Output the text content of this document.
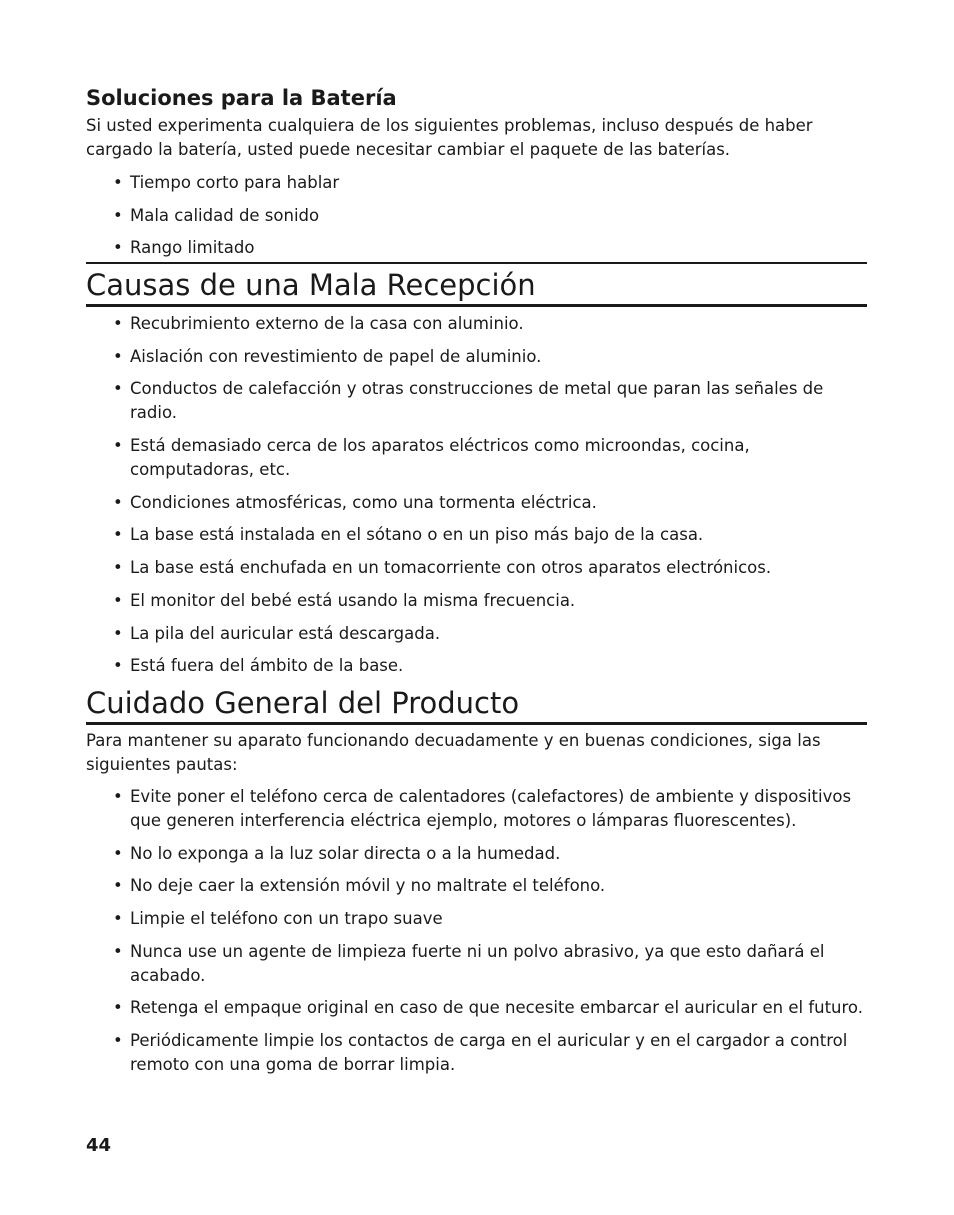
Soluciones para la Batería

Si usted experimenta cualquiera de los siguientes problemas, incluso después de haber cargado la batería, usted puede necesitar cambiar el paquete de las baterías.

• Tiempo corto para hablar
• Mala calidad de sonido
• Rango limitado
Causas de una Mala Recepción
• Recubrimiento externo de la casa con aluminio.
• Aislación con revestimiento de papel de aluminio.
• Conductos de calefacción y otras construcciones de metal que paran las señales de radio.
• Está demasiado cerca de los aparatos eléctricos como microondas, cocina, computadoras, etc.
• Condiciones atmosféricas, como una tormenta eléctrica.
• La base está instalada en el sótano o en un piso más bajo de la casa.
• La base está enchufada en un tomacorriente con otros aparatos electrónicos.
• El monitor del bebé está usando la misma frecuencia.
• La pila del auricular está descargada.
• Está fuera del ámbito de la base.
Cuidado General del Producto

Para mantener su aparato funcionando decuadamente y en buenas condiciones, siga las siguientes pautas:

• Evite poner el teléfono cerca de calentadores (calefactores) de ambiente y dispositivos que generen interferencia eléctrica ejemplo, motores o lámparas fluorescentes).
• No lo exponga a la luz solar directa o a la humedad.
• No deje caer la extensión móvil y no maltrate el teléfono.
• Limpie el teléfono con un trapo suave
• Nunca use un agente de limpieza fuerte ni un polvo abrasivo, ya que esto dañará el acabado.
• Retenga el empaque original en caso de que necesite embarcar el auricular en el futuro.
• Periódicamente limpie los contactos de carga en el auricular y en el cargador a control remoto con una goma de borrar limpia.

44
